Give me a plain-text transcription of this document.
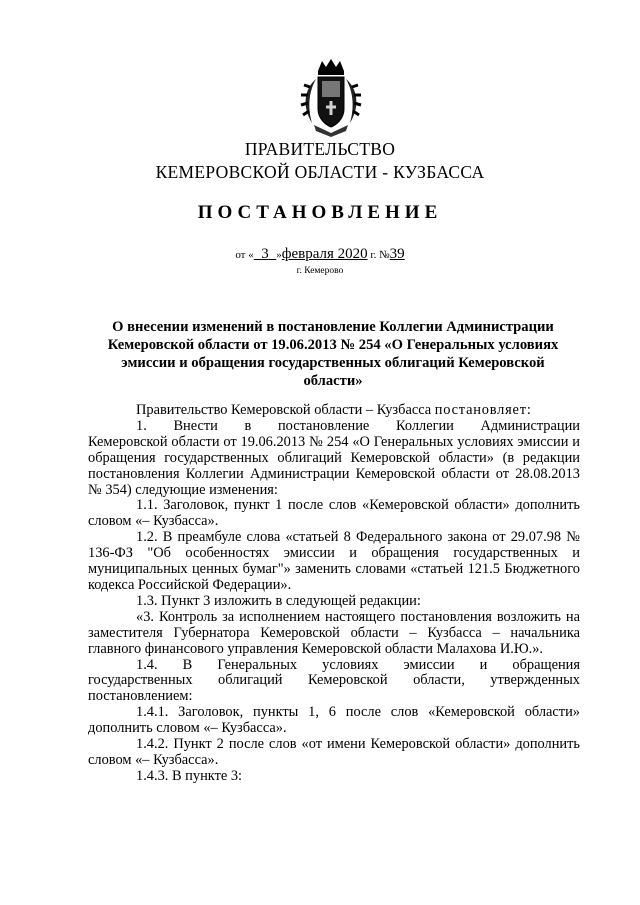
ПРАВИТЕЛЬСТВО
КЕМЕРОВСКОЙ ОБЛАСТИ - КУЗБАССА
ПОСТАНОВЛЕНИЕ
от « 3 »февраля 2020 г. №39
г. Кемерово
О внесении изменений в постановление Коллегии Администрации Кемеровской области от 19.06.2013 № 254 «О Генеральных условиях эмиссии и обращения государственных облигаций Кемеровской области»

Правительство Кемеровской области – Кузбасса постановляет:

1. Внести в постановление Коллегии Администрации

Кемеровской области от 19.06.2013 № 254 «О Генеральных условиях эмиссии и обращения государственных облигаций Кемеровской области» (в редакции постановления Коллегии Администрации Кемеровской области от 28.08.2013 № 354) следующие изменения:

1.1. Заголовок, пункт 1 после слов «Кемеровской области» дополнить словом «– Кузбасса».

1.2. В преамбуле слова «статьей 8 Федерального закона от 29.07.98 № 136-ФЗ "Об особенностях эмиссии и обращения государственных и муниципальных ценных бумаг"» заменить словами «статьей 121.5 Бюджетного кодекса Российской Федерации».

1.3. Пункт 3 изложить в следующей редакции:

«3. Контроль за исполнением настоящего постановления возложить на заместителя Губернатора Кемеровской области – Кузбасса – начальника главного финансового управления Кемеровской области Малахова И.Ю.».

1.4. В Генеральных условиях эмиссии и обращения

государственных облигаций Кемеровской области, утвержденных постановлением:

1.4.1. Заголовок, пункты 1, 6 после слов «Кемеровской области» дополнить словом «– Кузбасса».

1.4.2. Пункт 2 после слов «от имени Кемеровской области» дополнить словом «– Кузбасса».

1.4.3. В пункте 3:
